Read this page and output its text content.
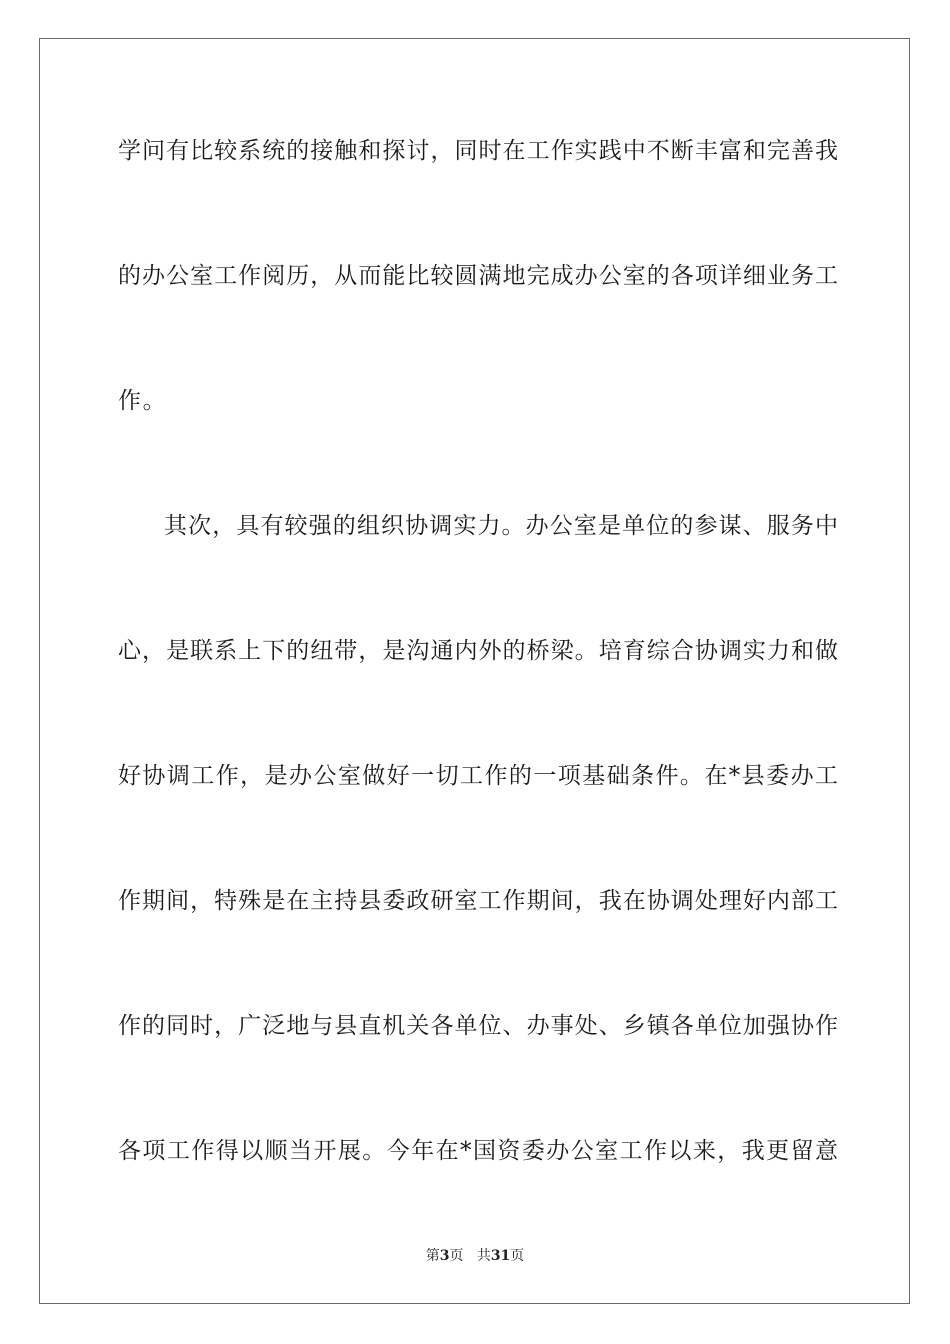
学问有比较系统的接触和探讨，同时在工作实践中不断丰富和完善我
的办公室工作阅历，从而能比较圆满地完成办公室的各项详细业务工
作。
其次，具有较强的组织协调实力。办公室是单位的参谋、服务中
心，是联系上下的纽带，是沟通内外的桥梁。培育综合协调实力和做
好协调工作，是办公室做好一切工作的一项基础条件。在*县委办工
作期间，特殊是在主持县委政研室工作期间，我在协调处理好内部工
作的同时，广泛地与县直机关各单位、办事处、乡镇各单位加强协作
各项工作得以顺当开展。今年在*国资委办公室工作以来，我更留意
第3页 共31页
